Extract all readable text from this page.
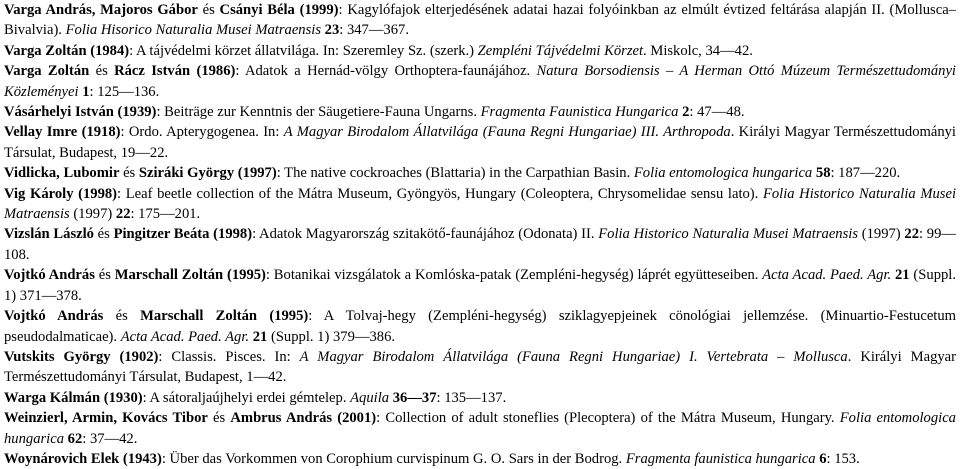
Varga András, Majoros Gábor és Csányi Béla (1999): Kagylófajok elterjedésének adatai hazai folyóinkban az elmúlt évtized feltárása alapján II. (Mollusca–Bivalvia). Folia Hisorico Naturalia Musei Matraensis 23: 347—367.

Varga Zoltán (1984): A tájvédelmi körzet állatvilága. In: Szeremley Sz. (szerk.) Zempléni Tájvédelmi Körzet. Miskolc, 34—42.

Varga Zoltán és Rácz István (1986): Adatok a Hernád-völgy Orthoptera-faunájához. Natura Borsodiensis – A Herman Ottó Múzeum Természettudományi Közleményei 1: 125—136.

Vásárhelyi István (1939): Beiträge zur Kenntnis der Säugetiere-Fauna Ungarns. Fragmenta Faunistica Hungarica 2: 47—48.

Vellay Imre (1918): Ordo. Apterygogenea. In: A Magyar Birodalom Állatvilága (Fauna Regni Hungariae) III. Arthropoda. Királyi Magyar Természettudományi Társulat, Budapest, 19—22.

Vidlicka, Lubomir és Sziráki György (1997): The native cockroaches (Blattaria) in the Carpathian Basin. Folia entomologica hungarica 58: 187—220.

Vig Károly (1998): Leaf beetle collection of the Mátra Museum, Gyöngyös, Hungary (Coleoptera, Chrysomelidae sensu lato). Folia Historico Naturalia Musei Matraensis (1997) 22: 175—201.

Vizslán László és Pingitzer Beáta (1998): Adatok Magyarország szitakötő-faunájához (Odonata) II. Folia Historico Naturalia Musei Matraensis (1997) 22: 99—108.

Vojtkó András és Marschall Zoltán (1995): Botanikai vizsgálatok a Komlóska-patak (Zempléni-hegység) láprét együtteseiben. Acta Acad. Paed. Agr. 21 (Suppl. 1) 371—378.

Vojtkó András és Marschall Zoltán (1995): A Tolvaj-hegy (Zempléni-hegység) sziklagyepjeinek cönológiai jellemzése. (Minuartio-Festucetum pseudodalmaticae). Acta Acad. Paed. Agr. 21 (Suppl. 1) 379—386.

Vutskits György (1902): Classis. Pisces. In: A Magyar Birodalom Állatvilága (Fauna Regni Hungariae) I. Vertebrata – Mollusca. Királyi Magyar Természettudományi Társulat, Budapest, 1—42.

Warga Kálmán (1930): A sátoraljaújhelyi erdei gémtelep. Aquila 36—37: 135—137.

Weinzierl, Armin, Kovács Tibor és Ambrus András (2001): Collection of adult stoneflies (Plecoptera) of the Mátra Museum, Hungary. Folia entomologica hungarica 62: 37—42.

Woynárovich Elek (1943): Über das Vorkommen von Corophium curvispinum G. O. Sars in der Bodrog. Fragmenta faunistica hungarica 6: 153.
